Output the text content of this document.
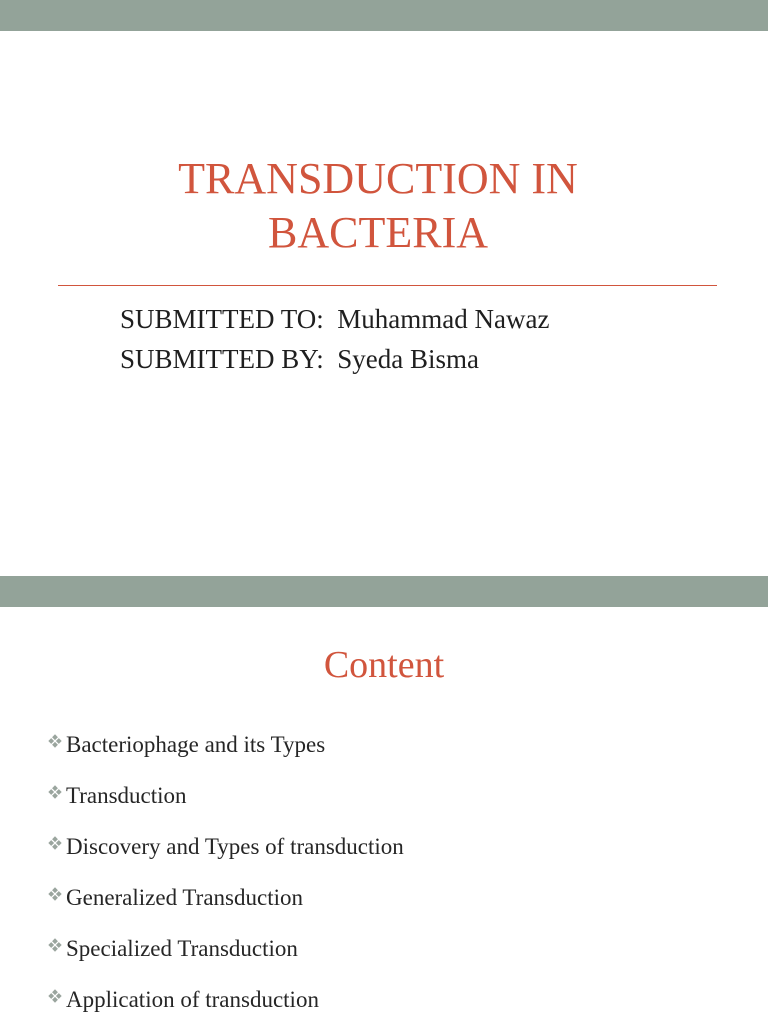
TRANSDUCTION IN
BACTERIA
SUBMITTED TO:  Muhammad Nawaz
SUBMITTED BY:  Syeda Bisma
Content
Bacteriophage and its Types
Transduction
Discovery and Types of transduction
Generalized Transduction
Specialized Transduction
Application of transduction
